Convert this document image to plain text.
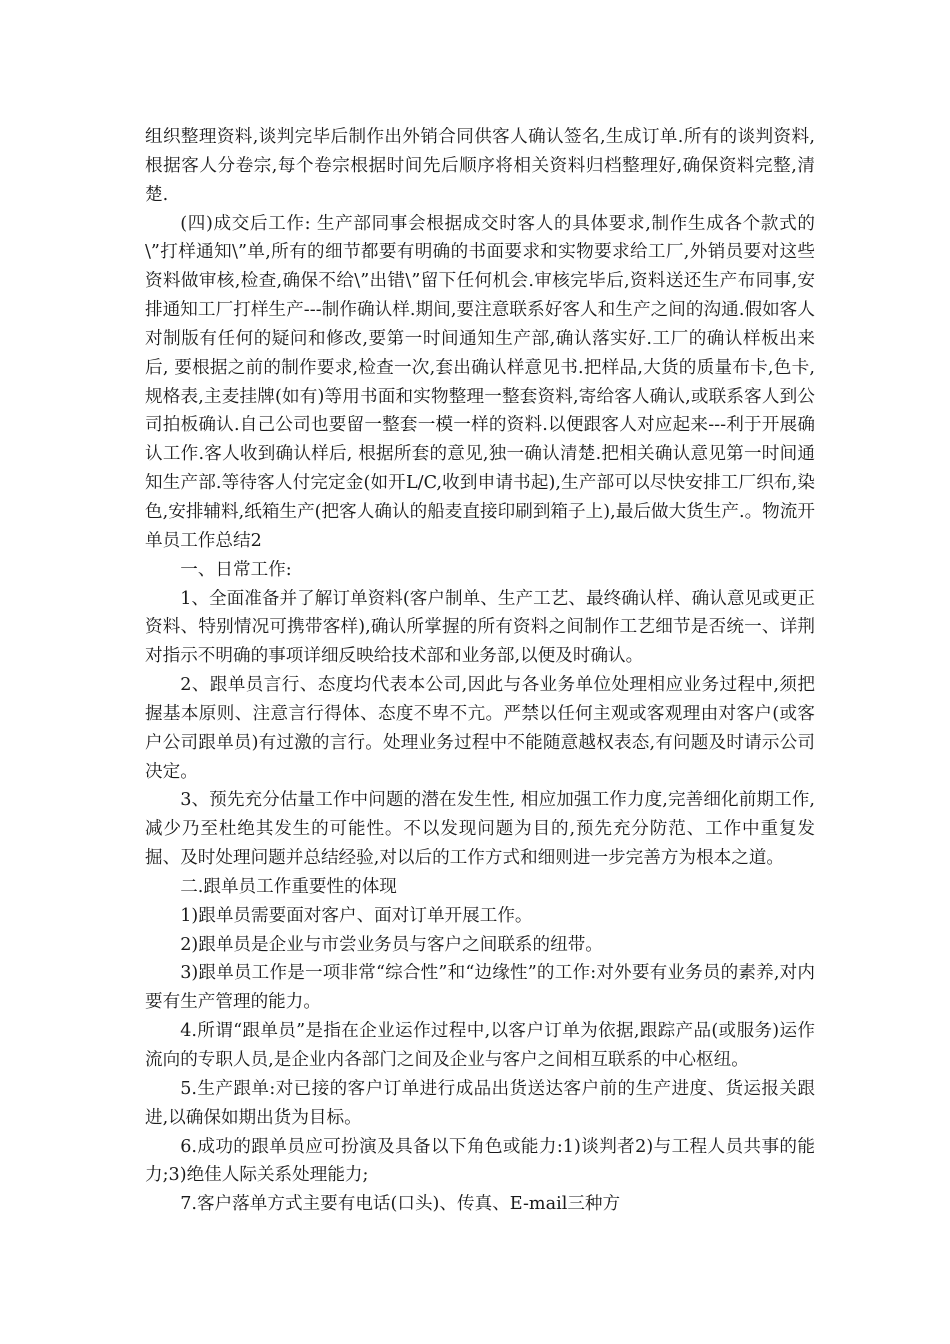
组织整理资料,谈判完毕后制作出外销合同供客人确认签名,生成订单.所有的谈判资料, 根据客人分卷宗,每个卷宗根据时间先后顺序将相关资料归档整理好,确保资料完整,清楚.

(四)成交后工作: 生产部同事会根据成交时客人的具体要求,制作生成各个款式的\”打样通知\”单,所有的细节都要有明确的书面要求和实物要求给工厂,外销员要对这些资料做审核,检查,确保不给\”出错\”留下任何机会.审核完毕后,资料送还生产布同事,安排通知工厂打样生产---制作确认样.期间,要注意联系好客人和生产之间的沟通.假如客人对制版有任何的疑问和修改,要第一时间通知生产部,确认落实好.工厂的确认样板出来后, 要根据之前的制作要求,检查一次,套出确认样意见书.把样品,大货的质量布卡,色卡,规格表,主麦挂牌(如有)等用书面和实物整理一整套资料,寄给客人确认,或联系客人到公司拍板确认.自己公司也要留一整套一模一样的资料.以便跟客人对应起来---利于开展确认工作.客人收到确认样后, 根据所套的意见,独一确认清楚.把相关确认意见第一时间通知生产部.等待客人付完定金(如开L/C,收到申请书起),生产部可以尽快安排工厂织布,染色,安排辅料,纸箱生产(把客人确认的船麦直接印刷到箱子上),最后做大货生产.。物流开单员工作总结2

一、日常工作:

1、全面准备并了解订单资料(客户制单、生产工艺、最终确认样、确认意见或更正资料、特别情况可携带客样),确认所掌握的所有资料之间制作工艺细节是否统一、详荆对指示不明确的事项详细反映给技术部和业务部,以便及时确认。

2、跟单员言行、态度均代表本公司,因此与各业务单位处理相应业务过程中,须把握基本原则、注意言行得体、态度不卑不亢。严禁以任何主观或客观理由对客户(或客户公司跟单员)有过激的言行。处理业务过程中不能随意越权表态,有问题及时请示公司决定。

3、预先充分估量工作中问题的潜在发生性, 相应加强工作力度,完善细化前期工作,减少乃至杜绝其发生的可能性。不以发现问题为目的,预先充分防范、工作中重复发掘、及时处理问题并总结经验,对以后的工作方式和细则进一步完善方为根本之道。

二.跟单员工作重要性的体现

1)跟单员需要面对客户、面对订单开展工作。

2)跟单员是企业与市尝业务员与客户之间联系的纽带。

3)跟单员工作是一项非常“综合性”和“边缘性”的工作:对外要有业务员的素养,对内要有生产管理的能力。

4.所谓“跟单员”是指在企业运作过程中,以客户订单为依据,跟踪产品(或服务)运作流向的专职人员,是企业内各部门之间及企业与客户之间相互联系的中心枢纽。

5.生产跟单:对已接的客户订单进行成品出货送达客户前的生产进度、货运报关跟进,以确保如期出货为目标。

6.成功的跟单员应可扮演及具备以下角色或能力:1)谈判者2)与工程人员共事的能力;3)绝佳人际关系处理能力;

7.客户落单方式主要有电话(口头)、传真、E-mail三种方
